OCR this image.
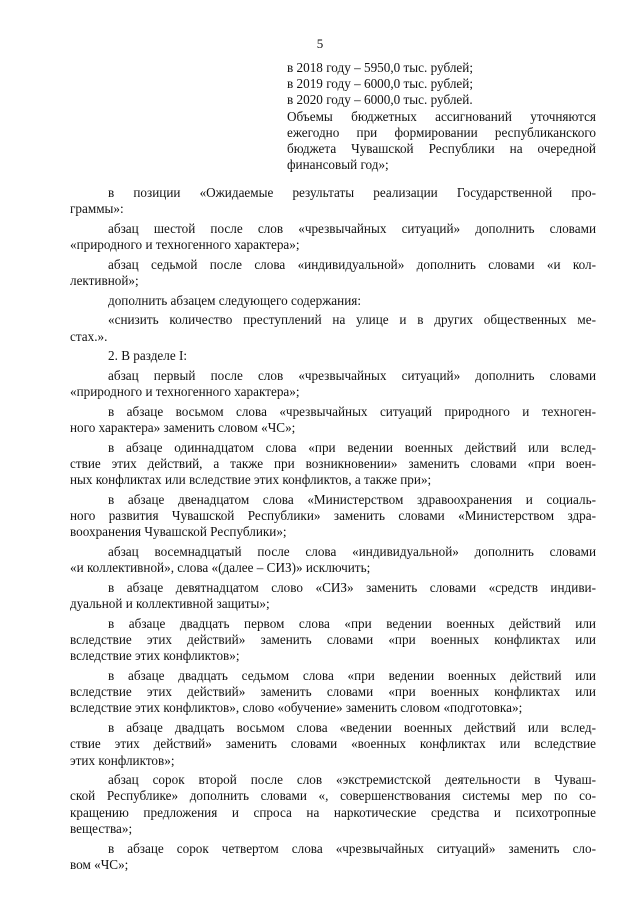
5
в 2018 году – 5950,0 тыс. рублей;
в 2019 году – 6000,0 тыс. рублей;
в 2020 году – 6000,0 тыс. рублей.
Объемы бюджетных ассигнований уточняются
ежегодно при формировании республиканского
бюджета Чувашской Республики на очередной
финансовый год»;
в позиции «Ожидаемые результаты реализации Государственной про-
граммы»:
абзац шестой после слов «чрезвычайных ситуаций» дополнить словами
«природного и техногенного характера»;
абзац седьмой после слова «индивидуальной» дополнить словами «и кол-
лективной»;
дополнить абзацем следующего содержания:
«снизить количество преступлений на улице и в других общественных ме-
стах.».
2. В разделе I:
абзац первый после слов «чрезвычайных ситуаций» дополнить словами
«природного и техногенного характера»;
в абзаце восьмом слова «чрезвычайных ситуаций природного и техноген-
ного характера» заменить словом «ЧС»;
в абзаце одиннадцатом слова «при ведении военных действий или вслед-
ствие этих действий, а также при возникновении» заменить словами «при воен-
ных конфликтах или вследствие этих конфликтов, а также при»;
в абзаце двенадцатом слова «Министерством здравоохранения и социаль-
ного развития Чувашской Республики» заменить словами «Министерством здра-
воохранения Чувашской Республики»;
абзац восемнадцатый после слова «индивидуальной» дополнить словами
«и коллективной», слова «(далее – СИЗ)» исключить;
в абзаце девятнадцатом слово «СИЗ» заменить словами «средств индиви-
дуальной и коллективной защиты»;
в абзаце двадцать первом слова «при ведении военных действий или
вследствие этих действий» заменить словами «при военных конфликтах или
вследствие этих конфликтов»;
в абзаце двадцать седьмом слова «при ведении военных действий или
вследствие этих действий» заменить словами «при военных конфликтах или
вследствие этих конфликтов», слово «обучение» заменить словом «подготовка»;
в абзаце двадцать восьмом слова «ведении военных действий или вслед-
ствие этих действий» заменить словами «военных конфликтах или вследствие
этих конфликтов»;
абзац сорок второй после слов «экстремистской деятельности в Чуваш-
ской Республике» дополнить словами «, совершенствования системы мер по со-
кращению предложения и спроса на наркотические средства и психотропные
вещества»;
в абзаце сорок четвертом слова «чрезвычайных ситуаций» заменить сло-
вом «ЧС»;
